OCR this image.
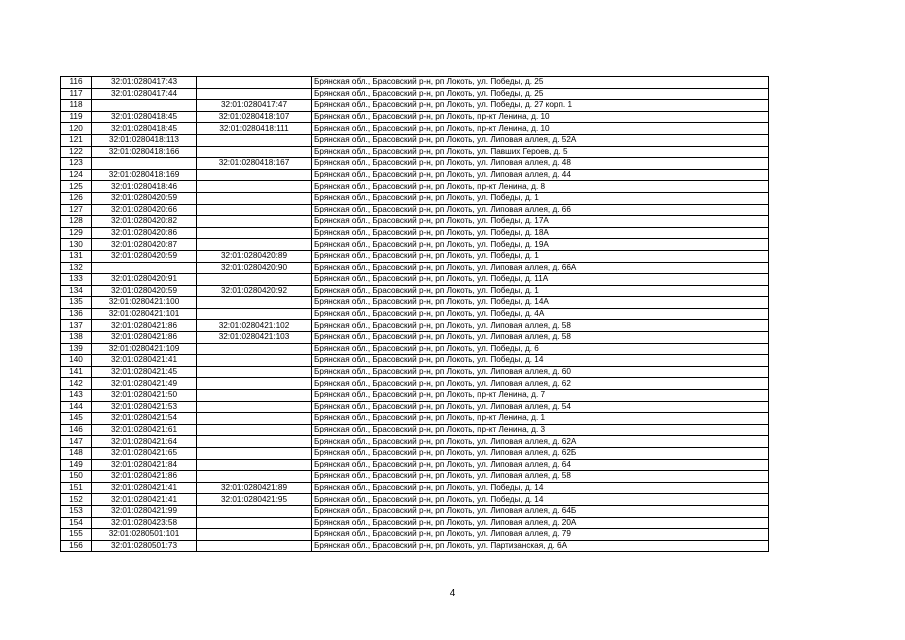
116	32:01:0280417:43		Брянская обл., Брасовский р-н, рп Локоть, ул. Победы, д. 25
117	32:01:0280417:44		Брянская обл., Брасовский р-н, рп Локоть, ул. Победы, д. 25
118		32:01:0280417:47	Брянская обл., Брасовский р-н, рп Локоть, ул. Победы, д. 27 корп. 1
119	32:01:0280418:45	32:01:0280418:107	Брянская обл., Брасовский р-н, рп Локоть, пр-кт Ленина, д. 10
120	32:01:0280418:45	32:01:0280418:111	Брянская обл., Брасовский р-н, рп Локоть, пр-кт Ленина, д. 10
121	32:01:0280418:113		Брянская обл., Брасовский р-н, рп Локоть, ул. Липовая аллея, д. 52А
122	32:01:0280418:166		Брянская обл., Брасовский р-н, рп Локоть, ул. Павших Героев, д. 5
123		32:01:0280418:167	Брянская обл., Брасовский р-н, рп Локоть, ул. Липовая аллея, д. 48
124	32:01:0280418:169		Брянская обл., Брасовский р-н, рп Локоть, ул. Липовая аллея, д. 44
125	32:01:0280418:46		Брянская обл., Брасовский р-н, рп Локоть, пр-кт Ленина, д. 8
126	32:01:0280420:59		Брянская обл., Брасовский р-н, рп Локоть, ул. Победы, д. 1
127	32:01:0280420:66		Брянская обл., Брасовский р-н, рп Локоть, ул. Липовая аллея, д. 66
128	32:01:0280420:82		Брянская обл., Брасовский р-н, рп Локоть, ул. Победы, д. 17А
129	32:01:0280420:86		Брянская обл., Брасовский р-н, рп Локоть, ул. Победы, д. 18А
130	32:01:0280420:87		Брянская обл., Брасовский р-н, рп Локоть, ул. Победы, д. 19А
131	32:01:0280420:59	32:01:0280420:89	Брянская обл., Брасовский р-н, рп Локоть, ул. Победы, д. 1
132		32:01:0280420:90	Брянская обл., Брасовский р-н, рп Локоть, ул. Липовая аллея, д. 66А
133	32:01:0280420:91		Брянская обл., Брасовский р-н, рп Локоть, ул. Победы, д. 11А
134	32:01:0280420:59	32:01:0280420:92	Брянская обл., Брасовский р-н, рп Локоть, ул. Победы, д. 1
135	32:01:0280421:100		Брянская обл., Брасовский р-н, рп Локоть, ул. Победы, д. 14А
136	32:01:0280421:101		Брянская обл., Брасовский р-н, рп Локоть, ул. Победы, д. 4А
137	32:01:0280421:86	32:01:0280421:102	Брянская обл., Брасовский р-н, рп Локоть, ул. Липовая аллея, д. 58
138	32:01:0280421:86	32:01:0280421:103	Брянская обл., Брасовский р-н, рп Локоть, ул. Липовая аллея, д. 58
139	32:01:0280421:109		Брянская обл., Брасовский р-н, рп Локоть, ул. Победы, д. 6
140	32:01:0280421:41		Брянская обл., Брасовский р-н, рп Локоть, ул. Победы, д. 14
141	32:01:0280421:45		Брянская обл., Брасовский р-н, рп Локоть, ул. Липовая аллея, д. 60
142	32:01:0280421:49		Брянская обл., Брасовский р-н, рп Локоть, ул. Липовая аллея, д. 62
143	32:01:0280421:50		Брянская обл., Брасовский р-н, рп Локоть, пр-кт Ленина, д. 7
144	32:01:0280421:53		Брянская обл., Брасовский р-н, рп Локоть, ул. Липовая аллея, д. 54
145	32:01:0280421:54		Брянская обл., Брасовский р-н, рп Локоть, пр-кт Ленина, д. 1
146	32:01:0280421:61		Брянская обл., Брасовский р-н, рп Локоть, пр-кт Ленина, д. 3
147	32:01:0280421:64		Брянская обл., Брасовский р-н, рп Локоть, ул. Липовая аллея, д. 62А
148	32:01:0280421:65		Брянская обл., Брасовский р-н, рп Локоть, ул. Липовая аллея, д. 62Б
149	32:01:0280421:84		Брянская обл., Брасовский р-н, рп Локоть, ул. Липовая аллея, д. 64
150	32:01:0280421:86		Брянская обл., Брасовский р-н, рп Локоть, ул. Липовая аллея, д. 58
151	32:01:0280421:41	32:01:0280421:89	Брянская обл., Брасовский р-н, рп Локоть, ул. Победы, д. 14
152	32:01:0280421:41	32:01:0280421:95	Брянская обл., Брасовский р-н, рп Локоть, ул. Победы, д. 14
153	32:01:0280421:99		Брянская обл., Брасовский р-н, рп Локоть, ул. Липовая аллея, д. 64Б
154	32:01:0280423:58		Брянская обл., Брасовский р-н, рп Локоть, ул. Липовая аллея, д. 20А
155	32:01:0280501:101		Брянская обл., Брасовский р-н, рп Локоть, ул. Липовая аллея, д. 79
156	32:01:0280501:73		Брянская обл., Брасовский р-н, рп Локоть, ул. Партизанская, д. 6А
4
